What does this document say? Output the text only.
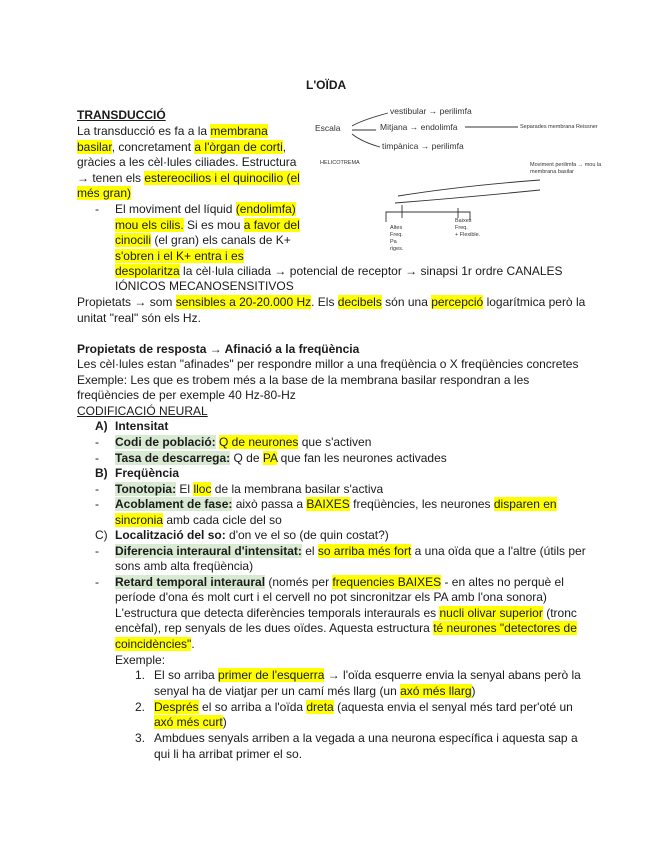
L'OÏDA
TRANSDUCCIÓ
La transducció es fa a la membrana
basilar, concretament a l'òrgan de corti,
gràcies a les cèl·lules ciliades. Estructura
→ tenen els estereocilios i el quinocilio (el
més gran)
- El moviment del líquid (endolimfa)
mou els cilis. Si es mou a favor del
cinocili (el gran) els canals de K+
s'obren i el K+ entra i es
despolaritza la cèl·lula ciliada → potencial de receptor → sinapsi 1r ordre CANALES
IÓNICOS MECANOSENSITIVOS
Escala
vestibular → perilimfa
Mitjana → endolimfa
timpànica → perilimfa
Separades membrana Reissner
HELICOTREMA	Moviment perilimfa → mou la
membrana basilar
Altes
Freq.
Pa
riges.
Baixes
Freq.
+ Flexible.
Propietats → som sensibles a 20-20.000 Hz. Els decibels són una percepció logarítmica però la
unitat "real" són els Hz.
Propietats de resposta → Afinació a la freqüència
Les cèl·lules estan "afinades" per respondre millor a una freqüència o X freqüències concretes
Exemple: Les que es trobem més a la base de la membrana basilar respondran a les
freqüències de per exemple 40 Hz-80-Hz
CODIFICACIÓ NEURAL
A) Intensitat
- Codi de població: Q de neurones que s'activen
- Tasa de descarrega: Q de PA que fan les neurones activades
B) Freqüència
- Tonotopia: El lloc de la membrana basilar s'activa
- Acoblament de fase: això passa a BAIXES freqüències, les neurones disparen en
sincronia amb cada cicle del so
C) Localització del so: d'on ve el so (de quin costat?)
- Diferencia interaural d'intensitat: el so arriba més fort a una oïda que a l'altre (útils per
sons amb alta freqüència)
- Retard temporal interaural (només per frequencies BAIXES - en altes no perquè el
període d'ona és molt curt i el cervell no pot sincronitzar els PA amb l'ona sonora)
L'estructura que detecta diferències temporals interaurals es nucli olivar superior (tronc
encèfal), rep senyals de les dues oïdes. Aquesta estructura té neurones "detectores de
coincidències".
Exemple:
1. El so arriba primer de l'esquerra → l'oïda esquerre envia la senyal abans però la
senyal ha de viatjar per un camí més llarg (un axó més llarg)
2. Després el so arriba a l'oïda dreta (aquesta envia el senyal més tard per'oté un
axó més curt)
3. Ambdues senyals arriben a la vegada a una neurona específica i aquesta sap a
qui li ha arribat primer el so.
